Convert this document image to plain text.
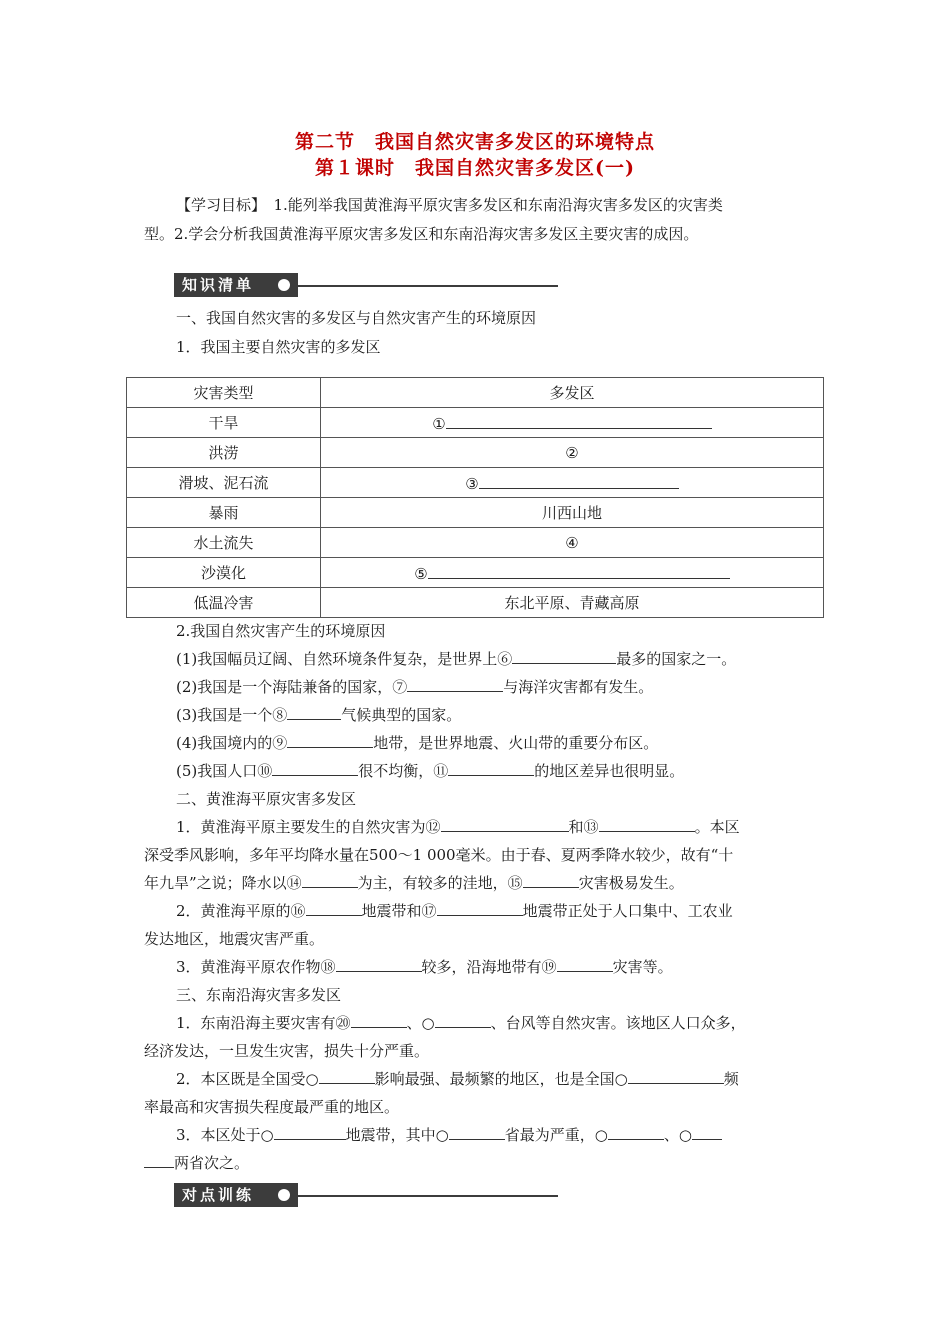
第二节　我国自然灾害多发区的环境特点
第１课时　我国自然灾害多发区(一)
【学习目标】　1.能列举我国黄淮海平原灾害多发区和东南沿海灾害多发区的灾害类
型。2.学会分析我国黄淮海平原灾害多发区和东南沿海灾害多发区主要灾害的成因。
知识清单
一、我国自然灾害的多发区与自然灾害产生的环境原因
1．我国主要自然灾害的多发区
灾害类型	多发区
干旱	①
洪涝	②
滑坡、泥石流	③
暴雨	川西山地
水土流失	④
沙漠化	⑤
低温冷害	东北平原、青藏高原
2.我国自然灾害产生的环境原因
(1)我国幅员辽阔、自然环境条件复杂，是世界上⑥	最多的国家之一。
(2)我国是一个海陆兼备的国家，⑦	与海洋灾害都有发生。
(3)我国是一个⑧	气候典型的国家。
(4)我国境内的⑨	地带，是世界地震、火山带的重要分布区。
(5)我国人口⑩	很不均衡，⑪	的地区差异也很明显。
二、黄淮海平原灾害多发区
1．黄淮海平原主要发生的自然灾害为⑫	和⑬	。本区
深受季风影响，多年平均降水量在500～1 000毫米。由于春、夏两季降水较少，故有“十
年九旱”之说；降水以⑭	为主，有较多的洼地，⑮	灾害极易发生。
2．黄淮海平原的⑯	地震带和⑰	地震带正处于人口集中、工农业
发达地区，地震灾害严重。
3．黄淮海平原农作物⑱	较多，沿海地带有⑲	灾害等。
三、东南沿海灾害多发区
1．东南沿海主要灾害有⑳	、○	、台风等自然灾害。该地区人口众多，
经济发达，一旦发生灾害，损失十分严重。
2．本区既是全国受○	影响最强、最频繁的地区，也是全国○	频
率最高和灾害损失程度最严重的地区。
3．本区处于○	地震带，其中○	省最为严重，○	、○
两省次之。
对点训练
